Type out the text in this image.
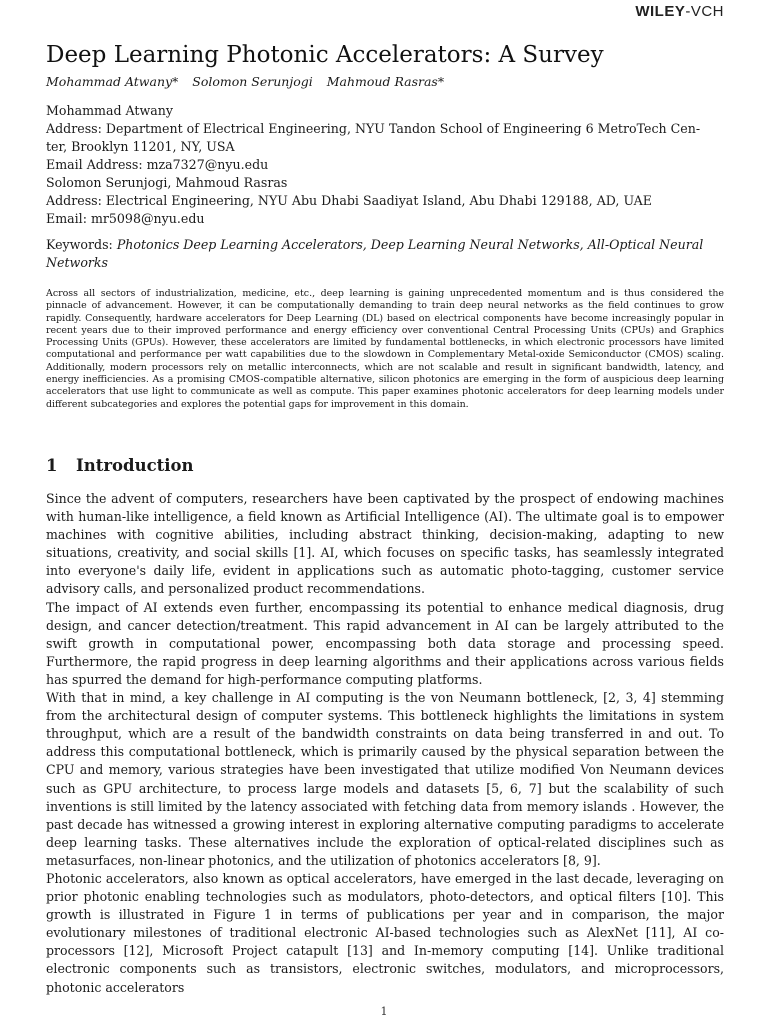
WILEY-VCH
Deep Learning Photonic Accelerators: A Survey
Mohammad Atwany* Solomon Serunjogi Mahmoud Rasras*
Mohammad Atwany
Address: Department of Electrical Engineering, NYU Tandon School of Engineering 6 MetroTech Cen-
ter, Brooklyn 11201, NY, USA
Email Address: mza7327@nyu.edu
Solomon Serunjogi, Mahmoud Rasras
Address: Electrical Engineering, NYU Abu Dhabi Saadiyat Island, Abu Dhabi 129188, AD, UAE
Email: mr5098@nyu.edu
Keywords: Photonics Deep Learning Accelerators, Deep Learning Neural Networks, All-Optical Neural Networks

Across all sectors of industrialization, medicine, etc., deep learning is gaining unprecedented momentum and is thus considered the pinnacle of advancement. However, it can be computationally demanding to train deep neural networks as the field continues to grow rapidly. Consequently, hardware accelerators for Deep Learning (DL) based on electrical components have become increasingly popular in recent years due to their improved performance and energy efficiency over conventional Central Processing Units (CPUs) and Graphics Processing Units (GPUs). However, these accelerators are limited by fundamental bottlenecks, in which electronic processors have limited computational and performance per watt capabilities due to the slowdown in Complementary Metal-oxide Semiconductor (CMOS) scaling. Additionally, modern processors rely on metallic interconnects, which are not scalable and result in significant bandwidth, latency, and energy inefficiencies. As a promising CMOS-compatible alternative, silicon photonics are emerging in the form of auspicious deep learning accelerators that use light to communicate as well as compute. This paper examines photonic accelerators for deep learning models under different subcategories and explores the potential gaps for improvement in this domain.

1 Introduction

Since the advent of computers, researchers have been captivated by the prospect of endowing machines with human-like intelligence, a field known as Artificial Intelligence (AI). The ultimate goal is to empower machines with cognitive abilities, including abstract thinking, decision-making, adapting to new situations, creativity, and social skills [1]. AI, which focuses on specific tasks, has seamlessly integrated into everyone's daily life, evident in applications such as automatic photo-tagging, customer service advisory calls, and personalized product recommendations.

The impact of AI extends even further, encompassing its potential to enhance medical diagnosis, drug design, and cancer detection/treatment. This rapid advancement in AI can be largely attributed to the swift growth in computational power, encompassing both data storage and processing speed. Furthermore, the rapid progress in deep learning algorithms and their applications across various fields has spurred the demand for high-performance computing platforms.

With that in mind, a key challenge in AI computing is the von Neumann bottleneck, [2, 3, 4] stemming from the architectural design of computer systems. This bottleneck highlights the limitations in system throughput, which are a result of the bandwidth constraints on data being transferred in and out. To address this computational bottleneck, which is primarily caused by the physical separation between the CPU and memory, various strategies have been investigated that utilize modified Von Neumann devices such as GPU architecture, to process large models and datasets [5, 6, 7] but the scalability of such inventions is still limited by the latency associated with fetching data from memory islands . However, the past decade has witnessed a growing interest in exploring alternative computing paradigms to accelerate deep learning tasks. These alternatives include the exploration of optical-related disciplines such as metasurfaces, non-linear photonics, and the utilization of photonics accelerators [8, 9].

Photonic accelerators, also known as optical accelerators, have emerged in the last decade, leveraging on prior photonic enabling technologies such as modulators, photo-detectors, and optical filters [10]. This growth is illustrated in Figure 1 in terms of publications per year and in comparison, the major evolutionary milestones of traditional electronic AI-based technologies such as AlexNet [11], AI co-processors [12], Microsoft Project catapult [13] and In-memory computing [14]. Unlike traditional electronic components such as transistors, electronic switches, modulators, and microprocessors, photonic accelerators

1
